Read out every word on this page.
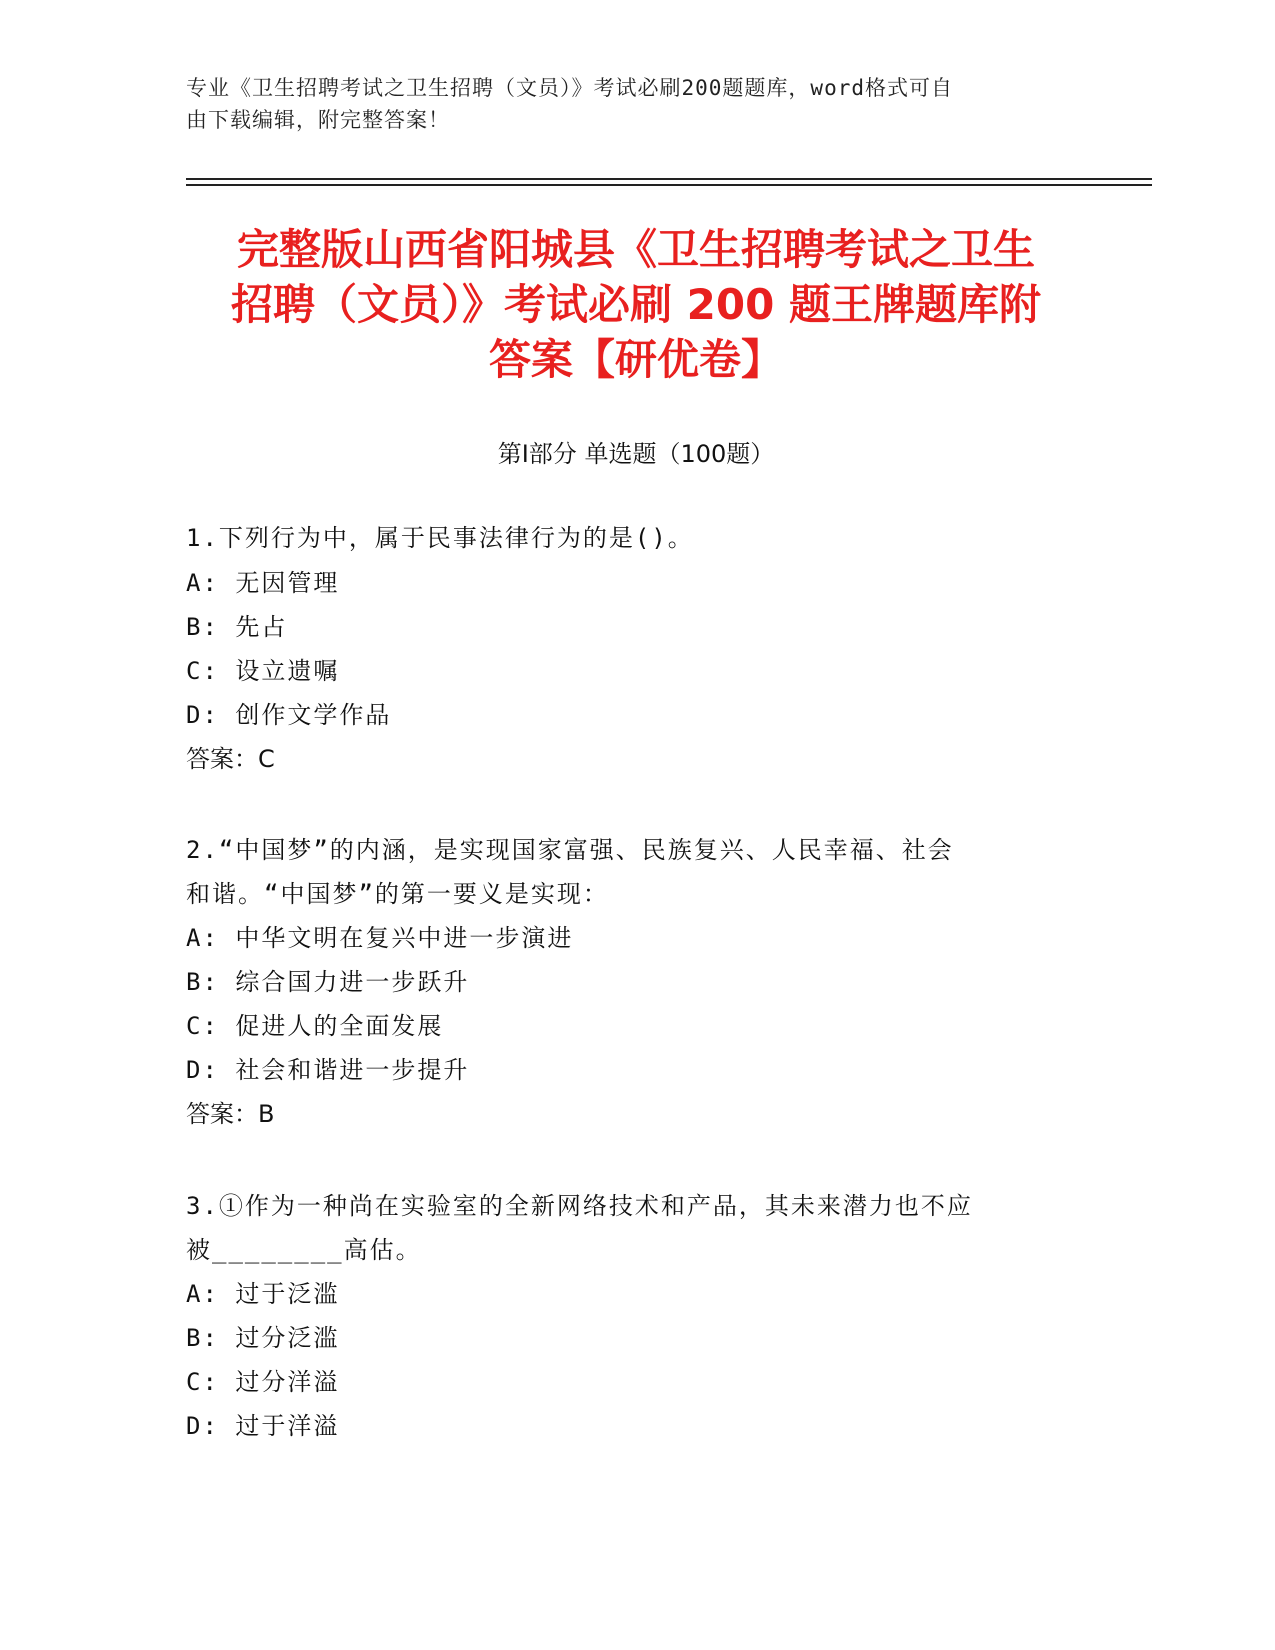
专业《卫生招聘考试之卫生招聘（文员）》考试必刷200题题库，word格式可自
由下载编辑，附完整答案！
完整版山西省阳城县《卫生招聘考试之卫生
招聘（文员）》考试必刷 200 题王牌题库附
答案【研优卷】
第Ⅰ部分 单选题（100题）
1.下列行为中，属于民事法律行为的是()。
A: 无因管理
B: 先占
C: 设立遗嘱
D: 创作文学作品
答案：C
2.“中国梦”的内涵，是实现国家富强、民族复兴、人民幸福、社会
和谐。“中国梦”的第一要义是实现：
A: 中华文明在复兴中进一步演进
B: 综合国力进一步跃升
C: 促进人的全面发展
D: 社会和谐进一步提升
答案：B
3.①作为一种尚在实验室的全新网络技术和产品，其未来潜力也不应
被________高估。
A: 过于泛滥
B: 过分泛滥
C: 过分洋溢
D: 过于洋溢
